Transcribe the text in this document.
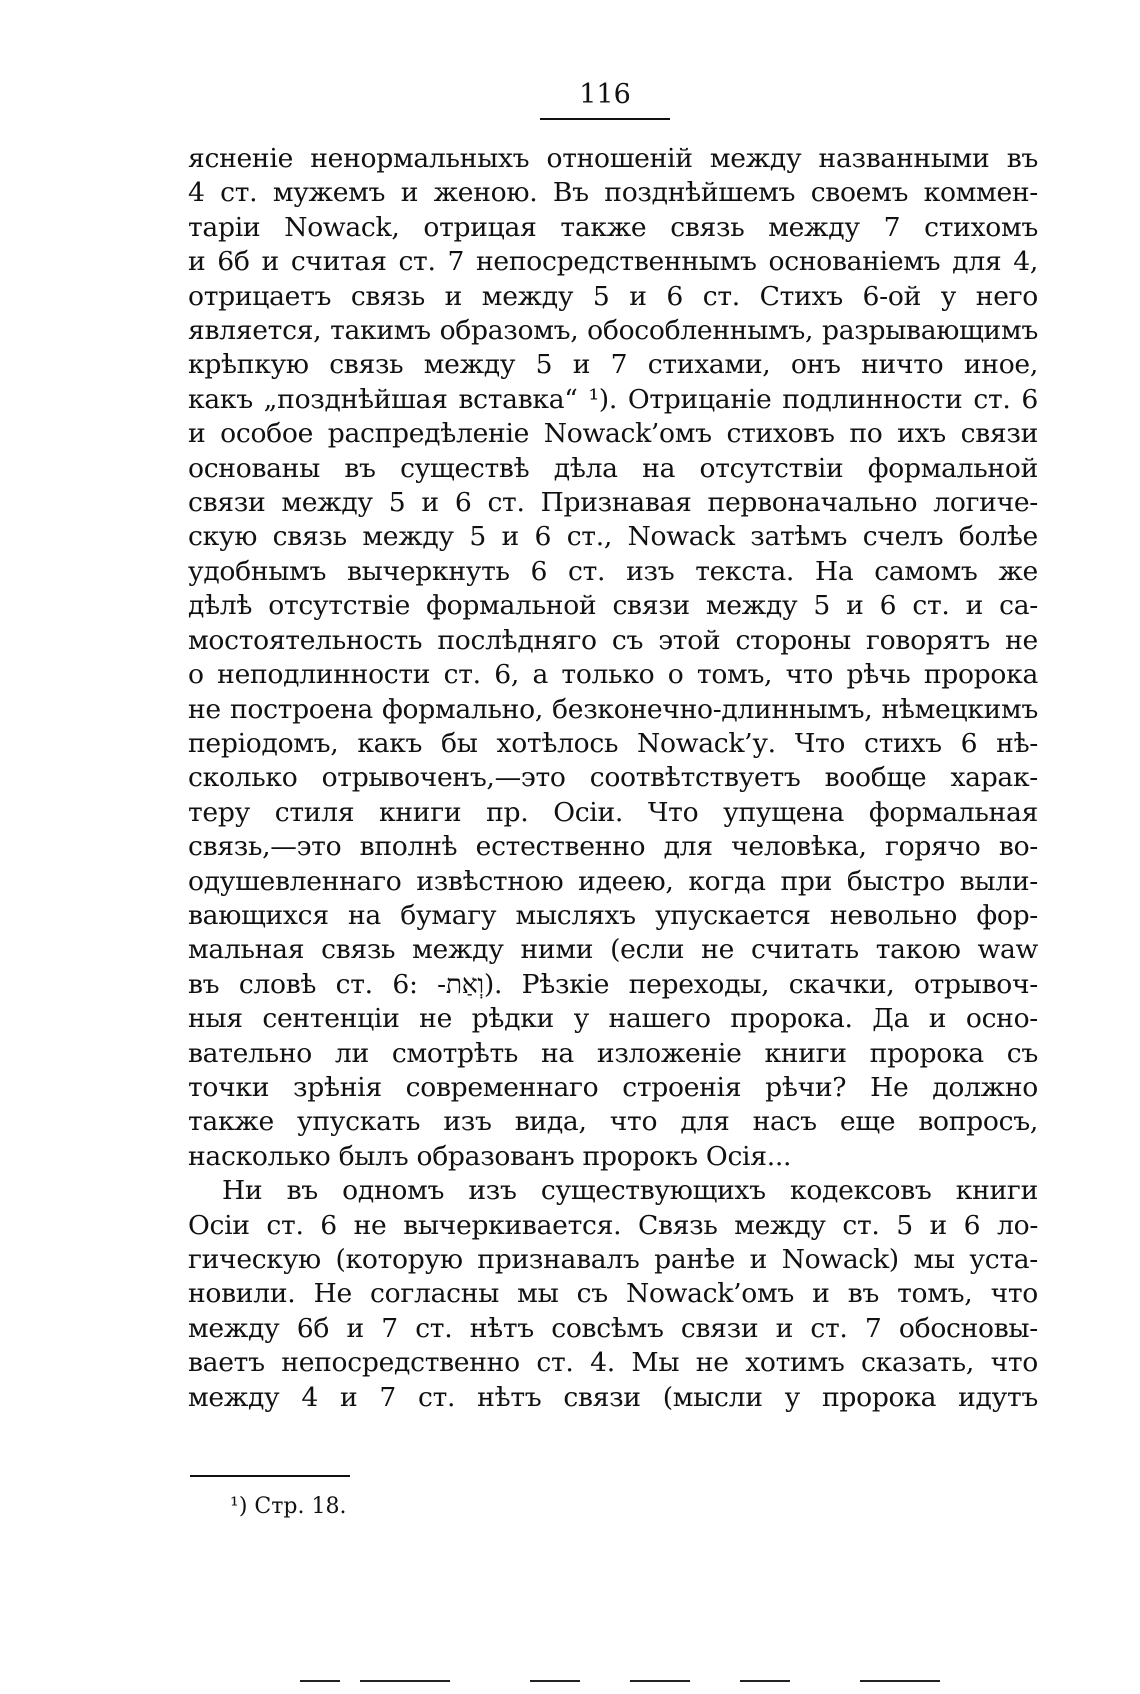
116

ясненіе ненормальныхъ отношеній между названными въ
4 ст. мужемъ и женою. Въ позднѣйшемъ своемъ коммен-
таріи Nowack, отрицая также связь между 7 стихомъ
и 6б и считая ст. 7 непосредственнымъ основаніемъ для 4,
отрицаетъ связь и между 5 и 6 ст. Стихъ 6-ой у него
является, такимъ образомъ, обособленнымъ, разрывающимъ
крѣпкую связь между 5 и 7 стихами, онъ ничто иное,
какъ „позднѣйшая вставка“ ¹). Отрицаніе подлинности ст. 6
и особое распредѣленіе Nowack’омъ стиховъ по ихъ связи
основаны въ существѣ дѣла на отсутствіи формальной
связи между 5 и 6 ст. Признавая первоначально логиче-
скую связь между 5 и 6 ст., Nowack затѣмъ счелъ болѣе
удобнымъ вычеркнуть 6 ст. изъ текста. На самомъ же
дѣлѣ отсутствіе формальной связи между 5 и 6 ст. и са-
мостоятельность послѣдняго съ этой стороны говорятъ не
о неподлинности ст. 6, а только о томъ, что рѣчь пророка
не построена формально, безконечно-длиннымъ, нѣмецкимъ
періодомъ, какъ бы хотѣлось Nowack’у. Что стихъ 6 нѣ-
сколько отрывоченъ,—это соотвѣтствуетъ вообще харак-
теру стиля книги пр. Осіи. Что упущена формальная
связь,—это вполнѣ естественно для человѣка, горячо во-
одушевленнаго извѣстною идеею, когда при быстро выли-
вающихся на бумагу мысляхъ упускается невольно фор-
мальная связь между ними (если не считать такою waw
въ словѣ ст. 6: -וְאַת). Рѣзкіе переходы, скачки, отрывоч-
ныя сентенціи не рѣдки у нашего пророка. Да и осно-
вательно ли смотрѣть на изложеніе книги пророка съ
точки зрѣнія современнаго строенія рѣчи? Не должно
также упускать изъ вида, что для насъ еще вопросъ,
насколько былъ образованъ пророкъ Осія...
Ни въ одномъ изъ существующихъ кодексовъ книги
Осіи ст. 6 не вычеркивается. Связь между ст. 5 и 6 ло-
гическую (которую признавалъ ранѣе и Nowack) мы уста-
новили. Не согласны мы съ Nowack’омъ и въ томъ, что
между 6б и 7 ст. нѣтъ совсѣмъ связи и ст. 7 обосновы-
ваетъ непосредственно ст. 4. Мы не хотимъ сказать, что
между 4 и 7 ст. нѣтъ связи (мысли у пророка идутъ

¹) Стр. 18.
